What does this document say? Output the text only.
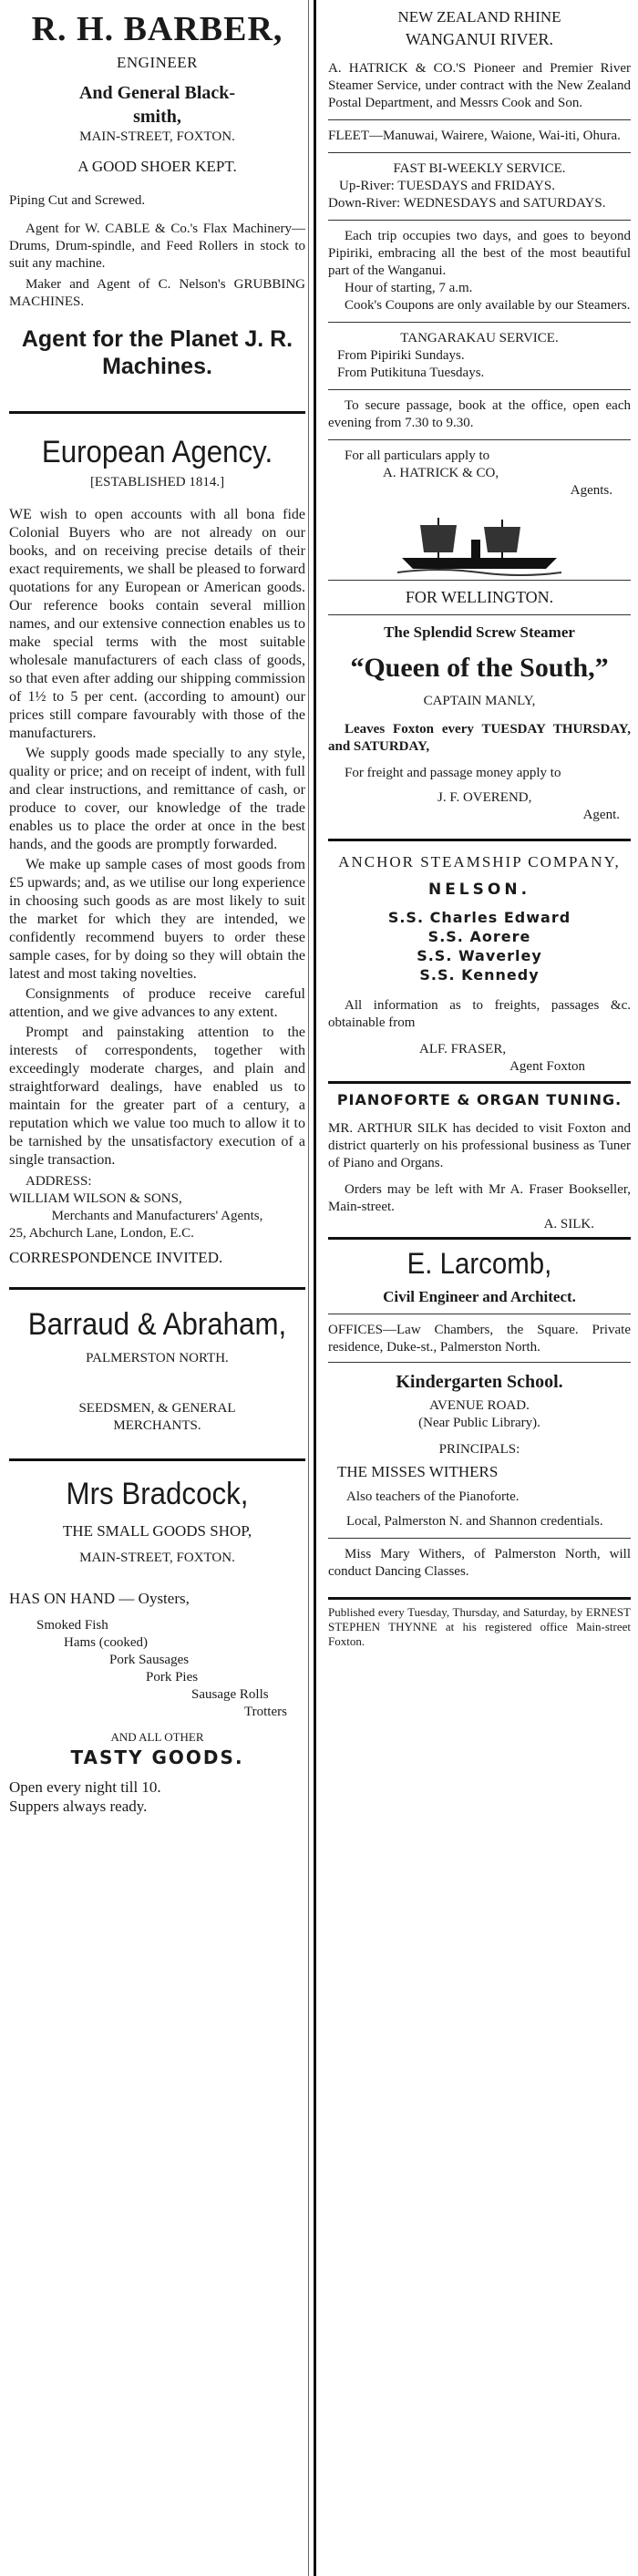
R. H. BARBER,
ENGINEER
And General Black-
smith,
MAIN-STREET, FOXTON.
A GOOD SHOER KEPT.

Piping Cut and Screwed.

Agent for W. CABLE & Co.'s Flax Machinery—Drums, Drum-spindle, and Feed Rollers in stock to suit any machine.

Maker and Agent of C. Nelson's GRUBBING MACHINES.

Agent for the Planet J. R. Machines.
European Agency.
[ESTABLISHED 1814.]

WE wish to open accounts with all bona fide Colonial Buyers who are not already on our books, and on receiving precise details of their exact requirements, we shall be pleased to forward quotations for any European or American goods. Our reference books contain several million names, and our extensive connection enables us to make special terms with the most suitable wholesale manufacturers of each class of goods, so that even after adding our shipping commission of 1½ to 5 per cent. (according to amount) our prices still compare favourably with those of the manufacturers.

We supply goods made specially to any style, quality or price; and on receipt of indent, with full and clear instructions, and remittance of cash, or produce to cover, our knowledge of the trade enables us to place the order at once in the best hands, and the goods are promptly forwarded.

We make up sample cases of most goods from £5 upwards; and, as we utilise our long experience in choosing such goods as are most likely to suit the market for which they are intended, we confidently recommend buyers to order these sample cases, for by doing so they will obtain the latest and most taking novelties.

Consignments of produce receive careful attention, and we give advances to any extent.

Prompt and painstaking attention to the interests of correspondents, together with exceedingly moderate charges, and plain and straightforward dealings, have enabled us to maintain for the greater part of a century, a reputation which we value too much to allow it to be tarnished by the unsatisfactory execution of a single transaction.

ADDRESS:

WILLIAM WILSON & SONS,

Merchants and Manufacturers' Agents,

25, Abchurch Lane, London, E.C.

CORRESPONDENCE INVITED.

Barraud & Abraham,
PALMERSTON NORTH.
SEEDSMEN, & GENERAL MERCHANTS.
Mrs Bradcock,
THE SMALL GOODS SHOP,
MAIN-STREET, FOXTON.

HAS ON HAND — Oysters,

Smoked Fish
Hams (cooked)
Pork Sausages
Pork Pies
Sausage Rolls
Trotters
AND ALL OTHER
TASTY GOODS.

Open every night till 10.

Suppers always ready.

NEW ZEALAND RHINE
WANGANUI RIVER.

A. HATRICK & CO.'S Pioneer and Premier River Steamer Service, under contract with the New Zealand Postal Department, and Messrs Cook and Son.

FLEET—Manuwai, Wairere, Waione, Wai-iti, Ohura.

FAST BI-WEEKLY SERVICE.

Up-River: TUESDAYS and FRIDAYS.

Down-River: WEDNESDAYS and SATURDAYS.

Each trip occupies two days, and goes to beyond Pipiriki, embracing all the best of the most beautiful part of the Wanganui.

Hour of starting, 7 a.m.

Cook's Coupons are only available by our Steamers.

TANGARAKAU SERVICE.

From Pipiriki Sundays.

From Putikituna Tuesdays.

To secure passage, book at the office, open each evening from 7.30 to 9.30.

For all particulars apply to

A. HATRICK & CO,

Agents.

FOR WELLINGTON.
The Splendid Screw Steamer
“Queen of the South,”
CAPTAIN MANLY,

Leaves Foxton every TUESDAY THURSDAY, and SATURDAY,

For freight and passage money apply to

J. F. OVEREND,

Agent.

ANCHOR STEAMSHIP COMPANY,
NELSON.
S.S. Charles Edward
S.S. Aorere
S.S. Waverley
S.S. Kennedy

All information as to freights, passages &c. obtainable from

ALF. FRASER,

Agent Foxton

PIANOFORTE & ORGAN TUNING.

MR. ARTHUR SILK has decided to visit Foxton and district quarterly on his professional business as Tuner of Piano and Organs.

Orders may be left with Mr A. Fraser Bookseller, Main-street.

A. SILK.

E. Larcomb,
Civil Engineer and Architect.

OFFICES—Law Chambers, the Square. Private residence, Duke-st., Palmerston North.

Kindergarten School.
AVENUE ROAD.
(Near Public Library).
PRINCIPALS:

THE MISSES WITHERS

Also teachers of the Pianoforte.

Local, Palmerston N. and Shannon credentials.

Miss Mary Withers, of Palmerston North, will conduct Dancing Classes.

Published every Tuesday, Thursday, and Saturday, by ERNEST STEPHEN THYNNE at his registered office Main-street Foxton.
